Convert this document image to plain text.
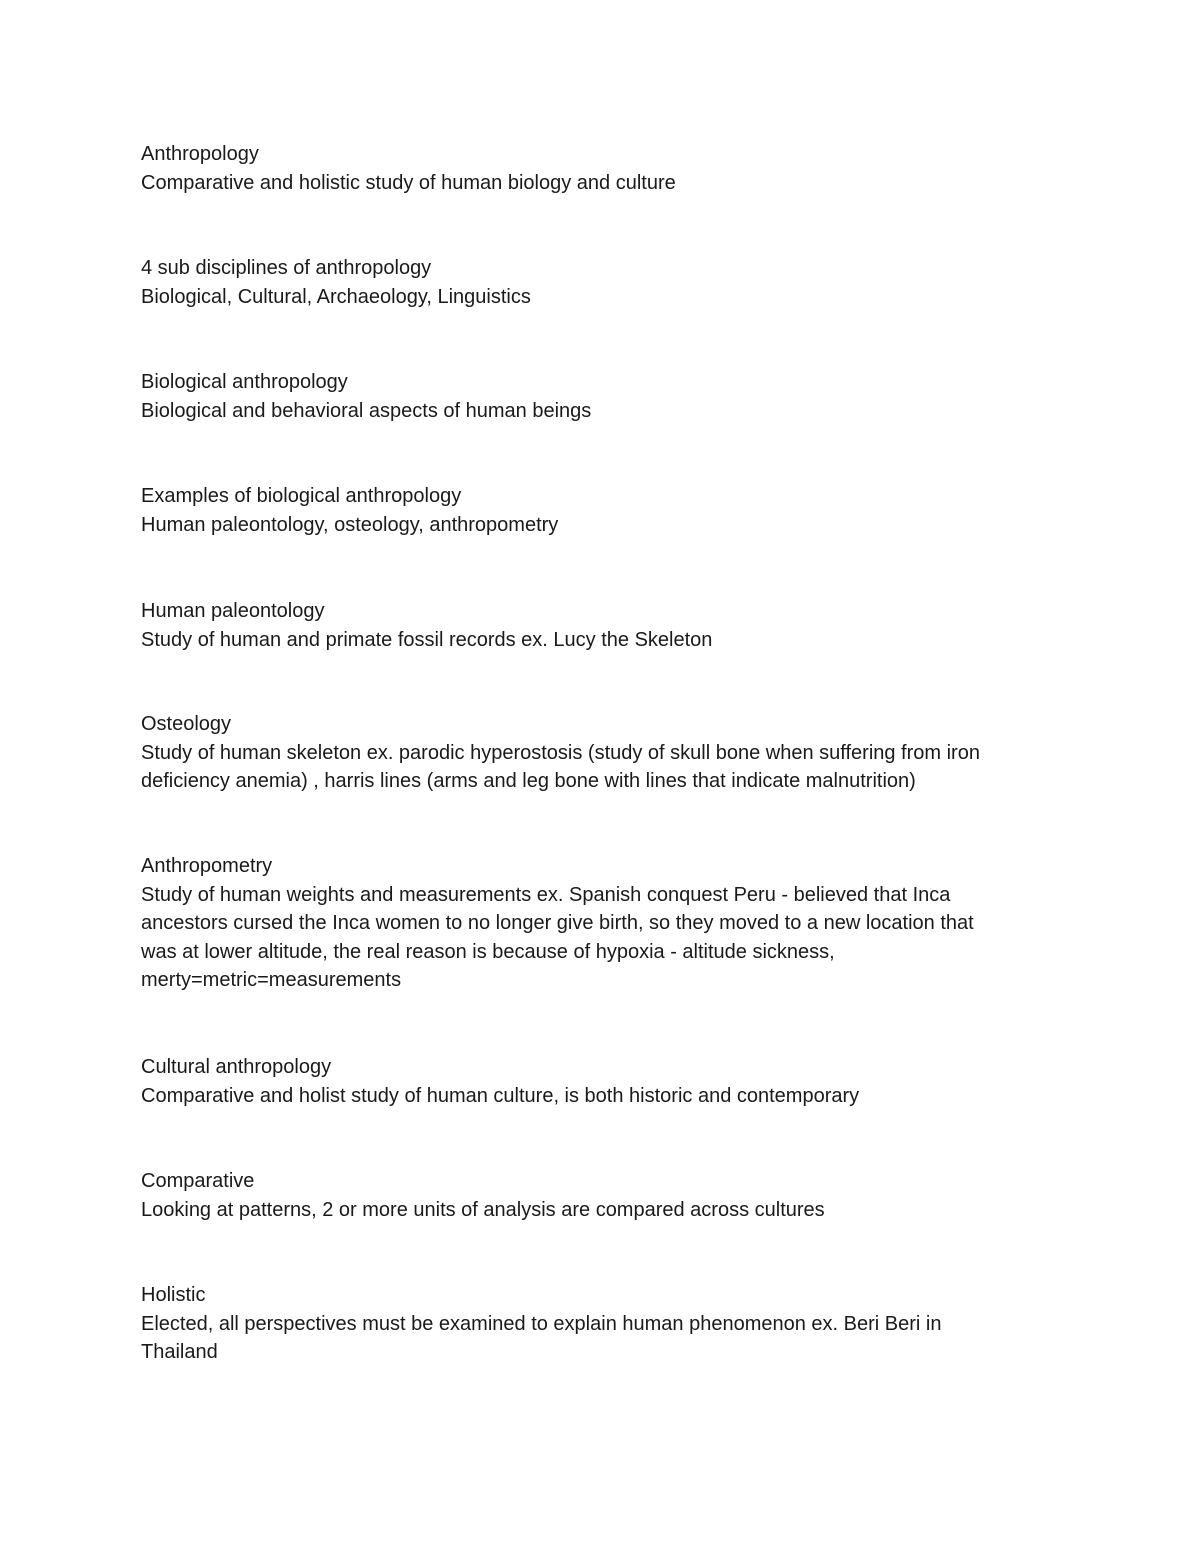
Anthropology

Comparative and holistic study of human biology and culture

4 sub disciplines of anthropology

Biological, Cultural, Archaeology, Linguistics

Biological anthropology

Biological and behavioral aspects of human beings

Examples of biological anthropology

Human paleontology, osteology, anthropometry

Human paleontology

Study of human and primate fossil records ex. Lucy the Skeleton

Osteology

Study of human skeleton ex. parodic hyperostosis (study of skull bone when suffering from iron
deficiency anemia) , harris lines (arms and leg bone with lines that indicate malnutrition)

Anthropometry

Study of human weights and measurements ex. Spanish conquest Peru - believed that Inca
ancestors cursed the Inca women to no longer give birth, so they moved to a new location that
was at lower altitude, the real reason is because of hypoxia - altitude sickness,
merty=metric=measurements

Cultural anthropology

Comparative and holist study of human culture, is both historic and contemporary

Comparative

Looking at patterns, 2 or more units of analysis are compared across cultures

Holistic

Elected, all perspectives must be examined to explain human phenomenon ex. Beri Beri in
Thailand
